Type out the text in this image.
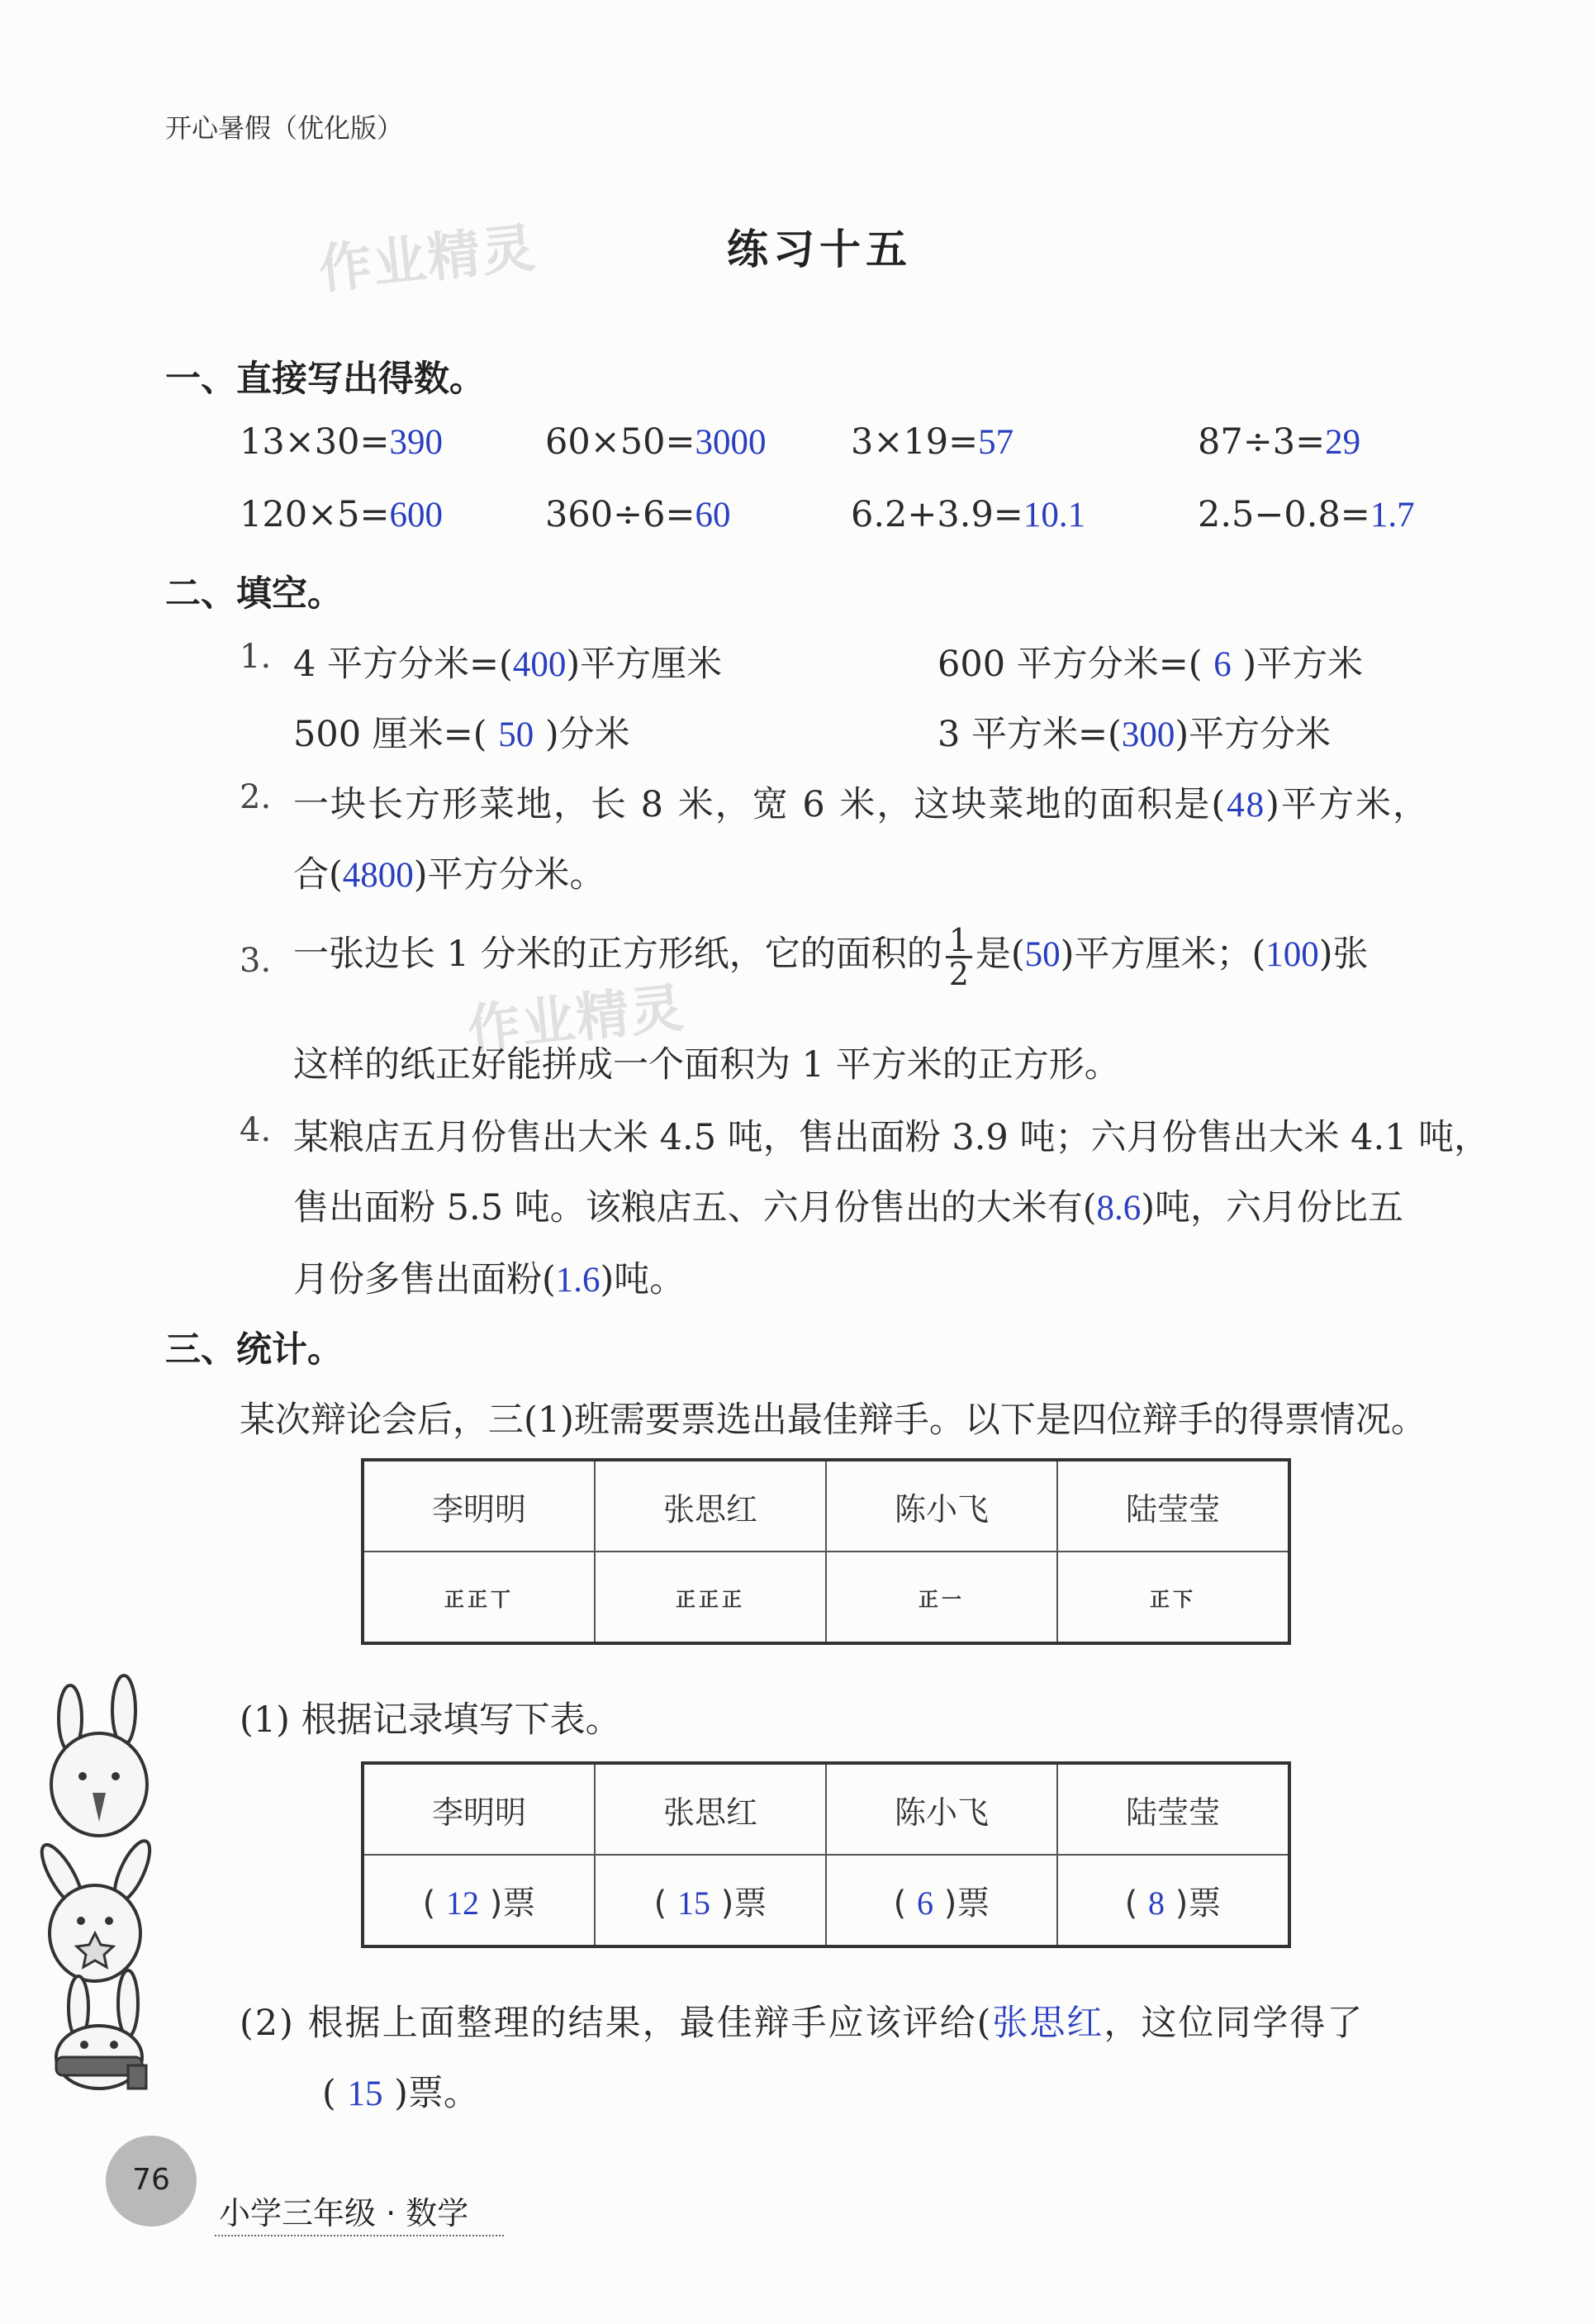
开心暑假（优化版）
作业精灵
作业精灵
练习十五
一、直接写出得数。
13×30=390	60×50=3000 3×19=57	87÷3=29
120×5=600	360÷6=60	6.2+3.9=10.1	2.5−0.8=1.7
二、填空。
1. 4 平方分米=(400)平方厘米	600 平方分米=( 6 )平方米
500 厘米=( 50 )分米	3 平方米=(300)平方分米
2. 一块长方形菜地，长 8 米，宽 6 米，这块菜地的面积是(48)平方米，
合(4800)平方分米。
3. 一张边长 1 分米的正方形纸，它的面积的 $\frac{1}{2}$ 是(50)平方厘米；(100)张
这样的纸正好能拼成一个面积为 1 平方米的正方形。
4. 某粮店五月份售出大米 4.5 吨，售出面粉 3.9 吨；六月份售出大米 4.1 吨，
售出面粉 5.5 吨。该粮店五、六月份售出的大米有(8.6)吨，六月份比五
月份多售出面粉(1.6)吨。
三、统计。
某次辩论会后，三(1)班需要票选出最佳辩手。以下是四位辩手的得票情况。
李明明	张思红	陈小飞	陆莹莹
正正丅	正正正	正一	正下
(1) 根据记录填写下表。
李明明	张思红	陈小飞	陆莹莹
( 12 )票	( 15 )票	( 6 )票	( 8 )票
(2) 根据上面整理的结果，最佳辩手应该评给(张思红，这位同学得了
( 15 )票。
76
小学三年级 · 数学
